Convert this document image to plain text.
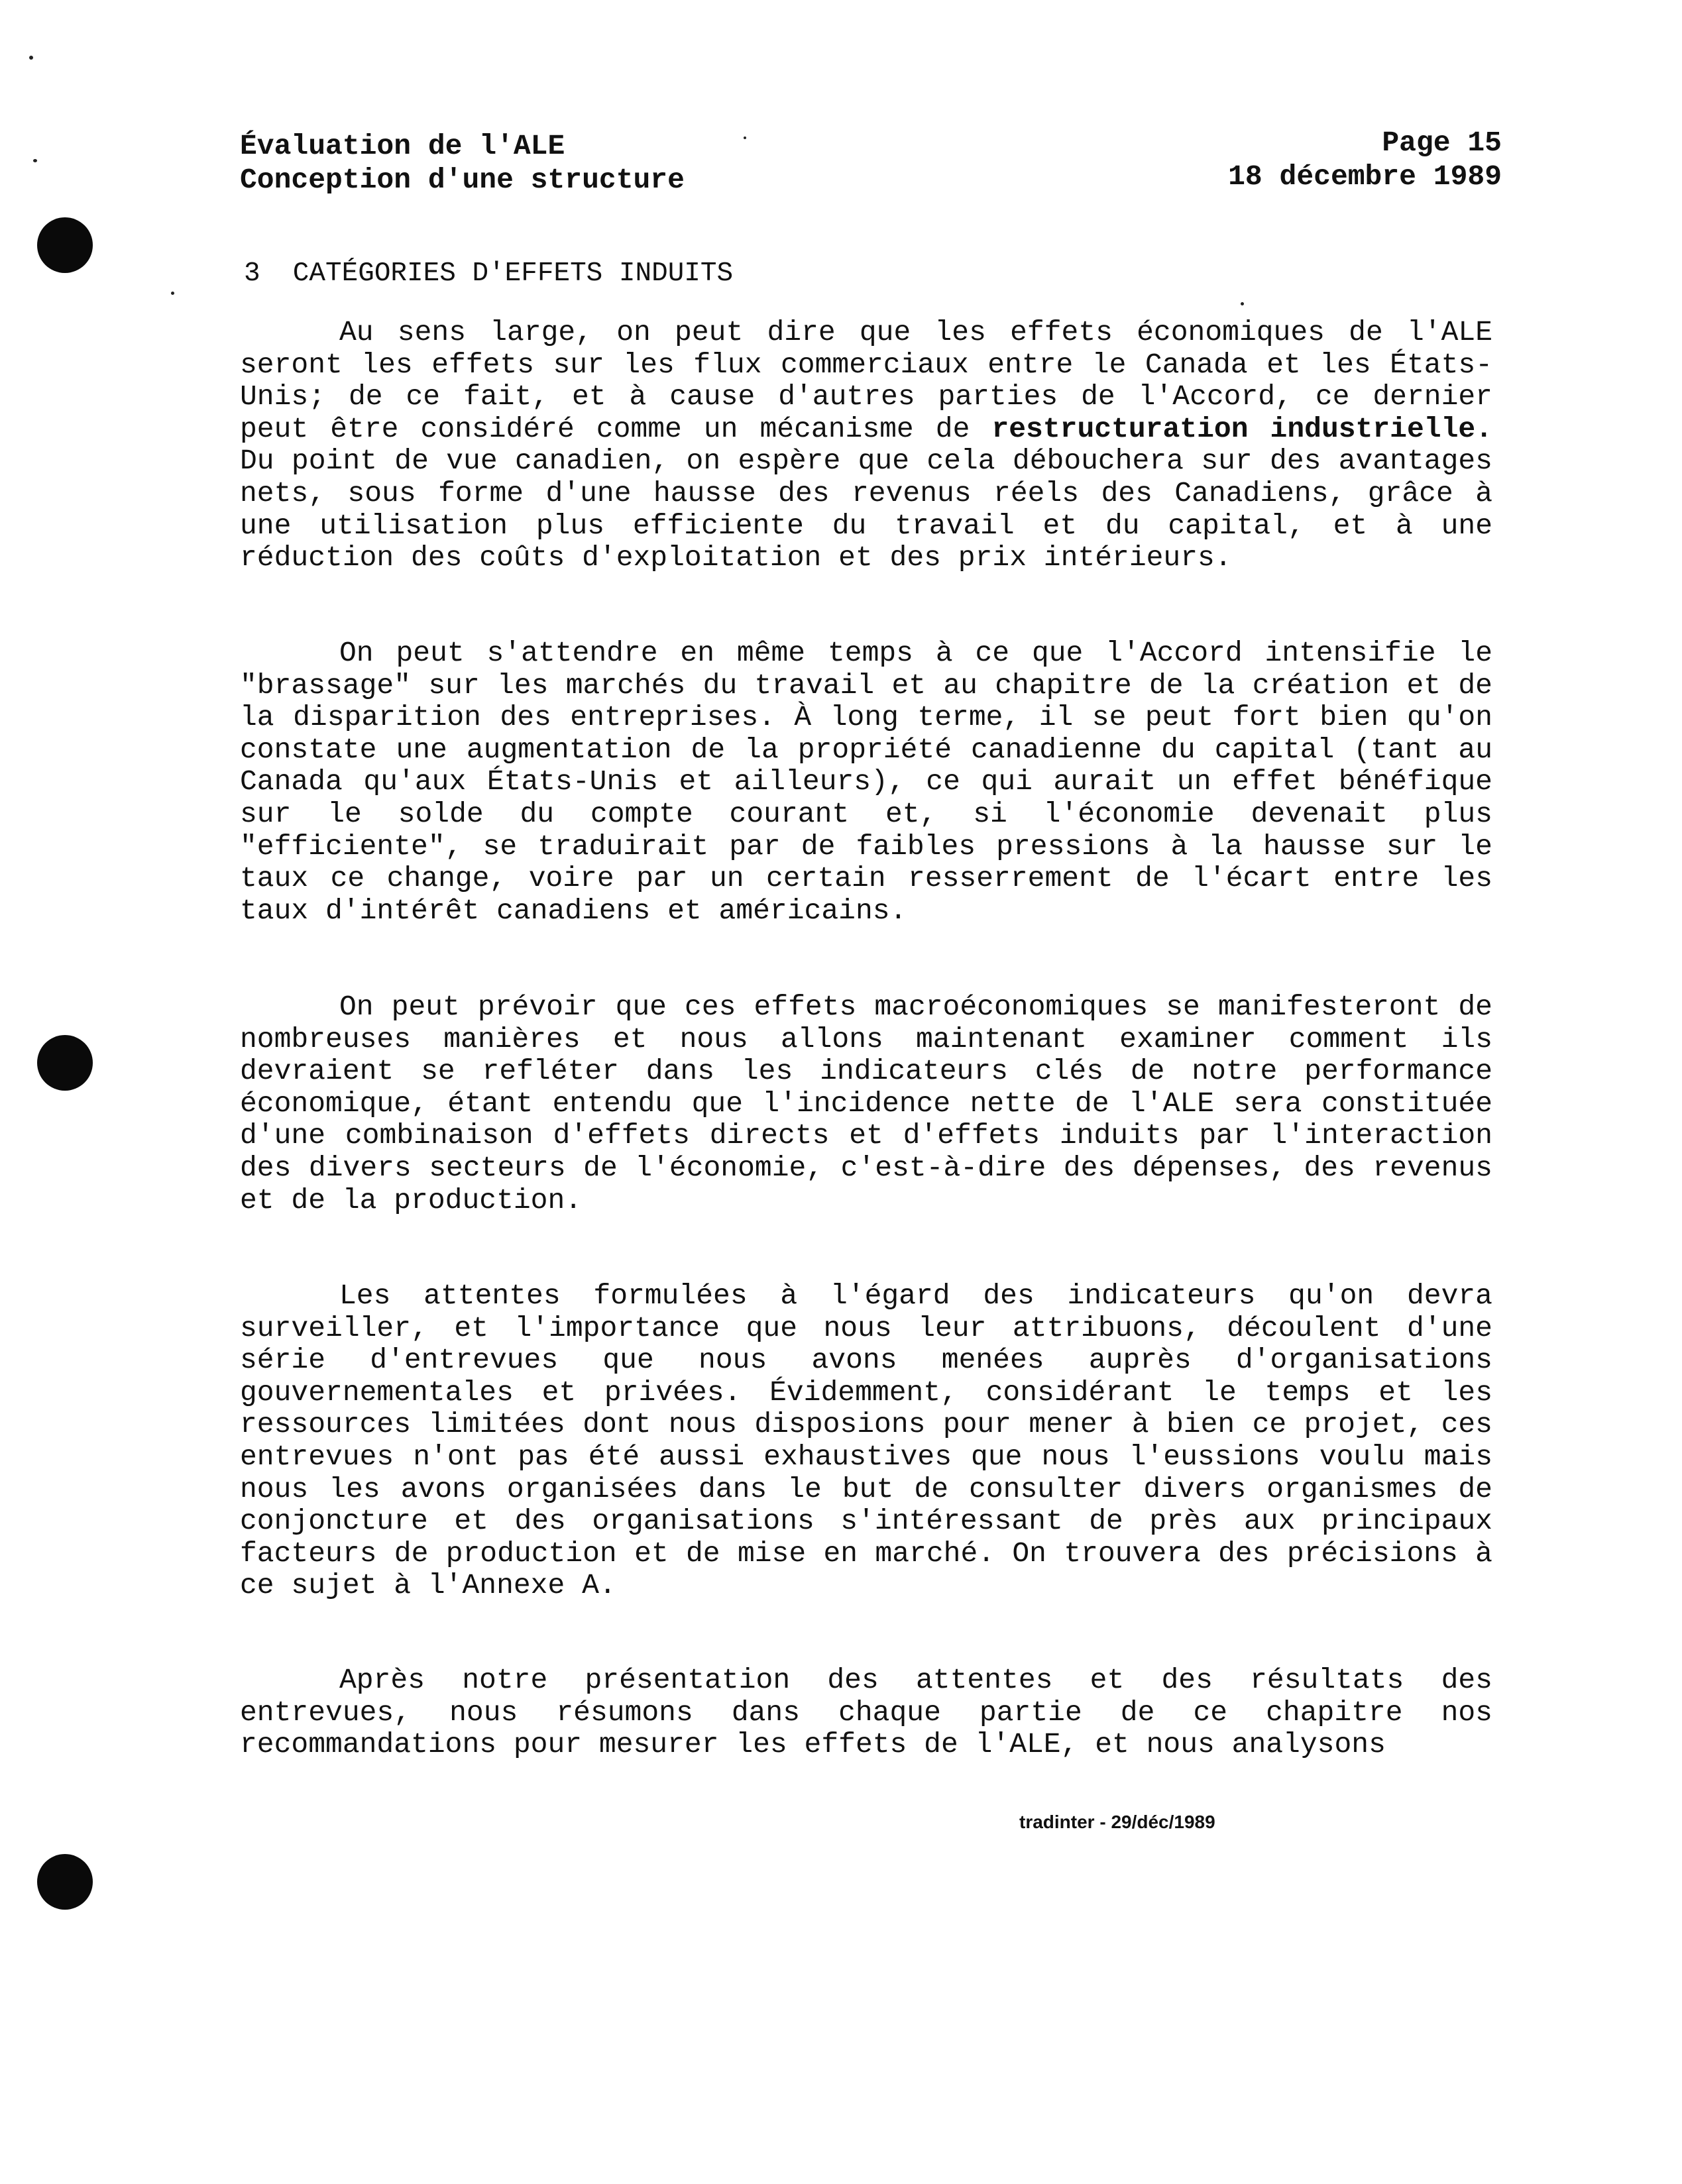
Évaluation de l'ALE
Conception d'une structure
Page 15
18 décembre 1989
3  CATÉGORIES D'EFFETS INDUITS

Au sens large, on peut dire que les effets économiques de l'ALE seront les effets sur les flux commerciaux entre le Canada et les États-Unis; de ce fait, et à cause d'autres parties de l'Accord, ce dernier peut être considéré comme un mécanisme de restructuration industrielle. Du point de vue canadien, on espère que cela débouchera sur des avantages nets, sous forme d'une hausse des revenus réels des Canadiens, grâce à une utilisation plus efficiente du travail et du capital, et à une réduction des coûts d'exploitation et des prix intérieurs.

On peut s'attendre en même temps à ce que l'Accord intensifie le "brassage" sur les marchés du travail et au chapitre de la création et de la disparition des entreprises. À long terme, il se peut fort bien qu'on constate une augmentation de la propriété canadienne du capital (tant au Canada qu'aux États-Unis et ailleurs), ce qui aurait un effet bénéfique sur le solde du compte courant et, si l'économie devenait plus "efficiente", se traduirait par de faibles pressions à la hausse sur le taux ce change, voire par un certain resserrement de l'écart entre les taux d'intérêt canadiens et américains.

On peut prévoir que ces effets macroéconomiques se manifesteront de nombreuses manières et nous allons maintenant examiner comment ils devraient se refléter dans les indicateurs clés de notre performance économique, étant entendu que l'incidence nette de l'ALE sera constituée d'une combinaison d'effets directs et d'effets induits par l'interaction des divers secteurs de l'économie, c'est-à-dire des dépenses, des revenus et de la production.

Les attentes formulées à l'égard des indicateurs qu'on devra surveiller, et l'importance que nous leur attribuons, découlent d'une série d'entrevues que nous avons menées auprès d'organisations gouvernementales et privées. Évidemment, considérant le temps et les ressources limitées dont nous disposions pour mener à bien ce projet, ces entrevues n'ont pas été aussi exhaustives que nous l'eussions voulu mais nous les avons organisées dans le but de consulter divers organismes de conjoncture et des organisations s'intéressant de près aux principaux facteurs de production et de mise en marché. On trouvera des précisions à ce sujet à l'Annexe A.

Après notre présentation des attentes et des résultats des entrevues, nous résumons dans chaque partie de ce chapitre nos recommandations pour mesurer les effets de l'ALE, et nous analysons

tradinter - 29/déc/1989
